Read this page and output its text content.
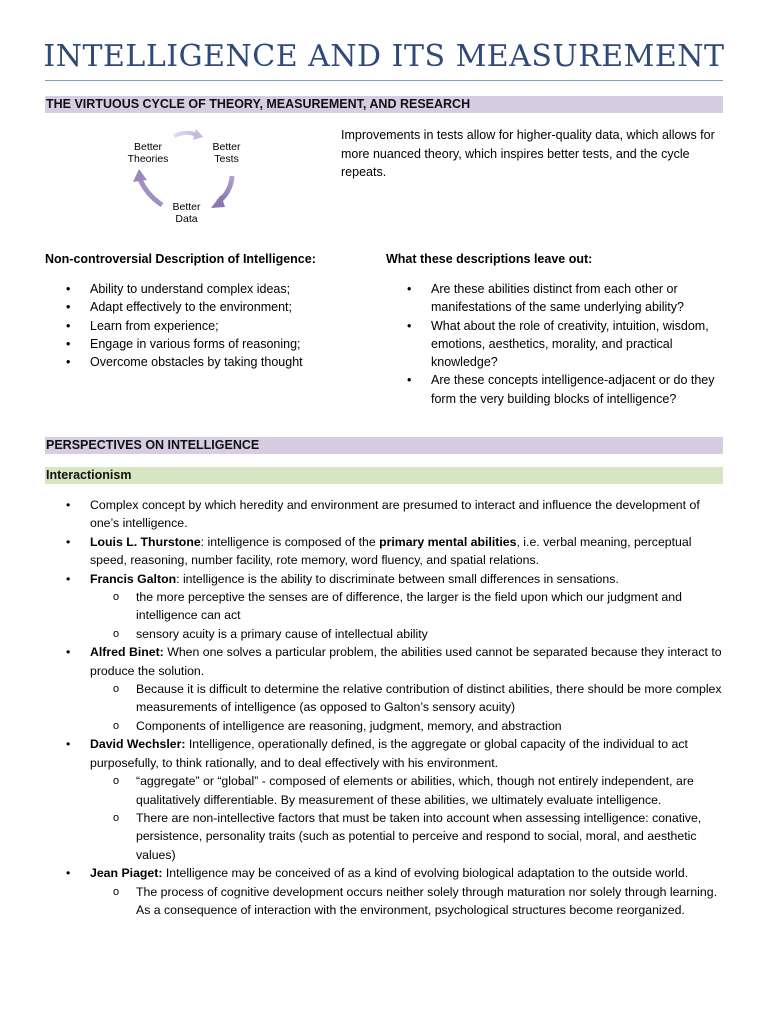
INTELLIGENCE AND ITS MEASUREMENT
THE VIRTUOUS CYCLE OF THEORY, MEASUREMENT, AND RESEARCH
Better Theories
Better Tests
Better Data
Improvements in tests allow for higher-quality data, which allows for more nuanced theory, which inspires better tests, and the cycle repeats.
Non-controversial Description of Intelligence:	What these descriptions leave out:
• Ability to understand complex ideas;
• Adapt effectively to the environment;
• Learn from experience;
• Engage in various forms of reasoning;
• Overcome obstacles by taking thought
• Are these abilities distinct from each other or manifestations of the same underlying ability?
• What about the role of creativity, intuition, wisdom, emotions, aesthetics, morality, and practical knowledge?
• Are these concepts intelligence-adjacent or do they form the very building blocks of intelligence?
PERSPECTIVES ON INTELLIGENCE
Interactionism
• Complex concept by which heredity and environment are presumed to interact and influence the development of one’s intelligence.
• Louis L. Thurstone: intelligence is composed of the primary mental abilities, i.e. verbal meaning, perceptual speed, reasoning, number facility, rote memory, word fluency, and spatial relations.
• Francis Galton: intelligence is the ability to discriminate between small differences in sensations.
o the more perceptive the senses are of difference, the larger is the field upon which our judgment and intelligence can act
o sensory acuity is a primary cause of intellectual ability
• Alfred Binet: When one solves a particular problem, the abilities used cannot be separated because they interact to produce the solution.
o Because it is difficult to determine the relative contribution of distinct abilities, there should be more complex measurements of intelligence (as opposed to Galton’s sensory acuity)
o Components of intelligence are reasoning, judgment, memory, and abstraction
• David Wechsler: Intelligence, operationally defined, is the aggregate or global capacity of the individual to act purposefully, to think rationally, and to deal effectively with his environment.
o “aggregate” or “global” - composed of elements or abilities, which, though not entirely independent, are qualitatively differentiable. By measurement of these abilities, we ultimately evaluate intelligence.
o There are non-intellective factors that must be taken into account when assessing intelligence: conative, persistence, personality traits (such as potential to perceive and respond to social, moral, and aesthetic values)
• Jean Piaget: Intelligence may be conceived of as a kind of evolving biological adaptation to the outside world.
o The process of cognitive development occurs neither solely through maturation nor solely through learning. As a consequence of interaction with the environment, psychological structures become reorganized.
